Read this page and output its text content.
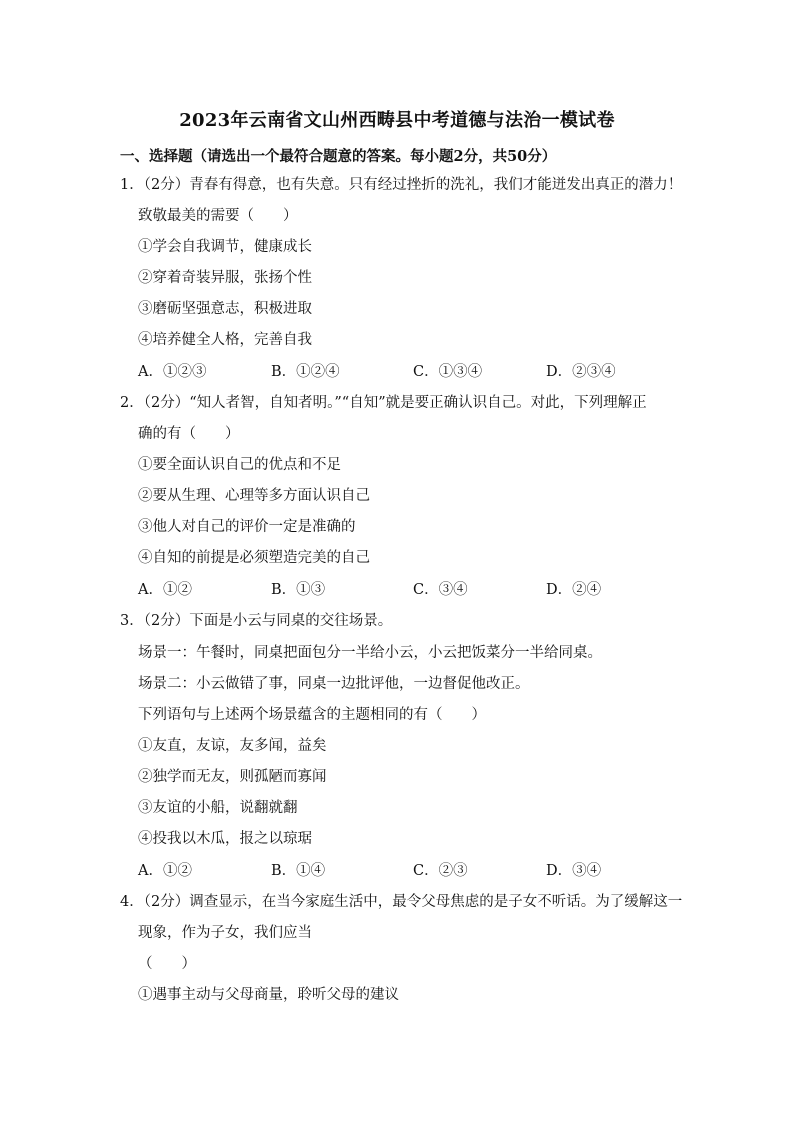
2023年云南省文山州西畴县中考道德与法治一模试卷
一、选择题（请选出一个最符合题意的答案。每小题2分，共50分）
1．（2分）青春有得意，也有失意。只有经过挫折的洗礼，我们才能迸发出真正的潜力！
致敬最美的需要（　　）
①学会自我调节，健康成长
②穿着奇装异服，张扬个性
③磨砺坚强意志，积极进取
④培养健全人格，完善自我
A．①②③	B．①②④	C．①③④	D．②③④
2．（2分）“知人者智，自知者明。”“自知”就是要正确认识自己。对此，下列理解正
确的有（　　）
①要全面认识自己的优点和不足
②要从生理、心理等多方面认识自己
③他人对自己的评价一定是准确的
④自知的前提是必须塑造完美的自己
A．①②	B．①③	C．③④	D．②④
3．（2分）下面是小云与同桌的交往场景。
场景一：午餐时，同桌把面包分一半给小云，小云把饭菜分一半给同桌。
场景二：小云做错了事，同桌一边批评他，一边督促他改正。
下列语句与上述两个场景蕴含的主题相同的有（　　）
①友直，友谅，友多闻，益矣
②独学而无友，则孤陋而寡闻
③友谊的小船，说翻就翻
④投我以木瓜，报之以琼琚
A．①②	B．①④	C．②③	D．③④
4．（2分）调查显示，在当今家庭生活中，最令父母焦虑的是子女不听话。为了缓解这一
现象，作为子女，我们应当
（　　）
①遇事主动与父母商量，聆听父母的建议
